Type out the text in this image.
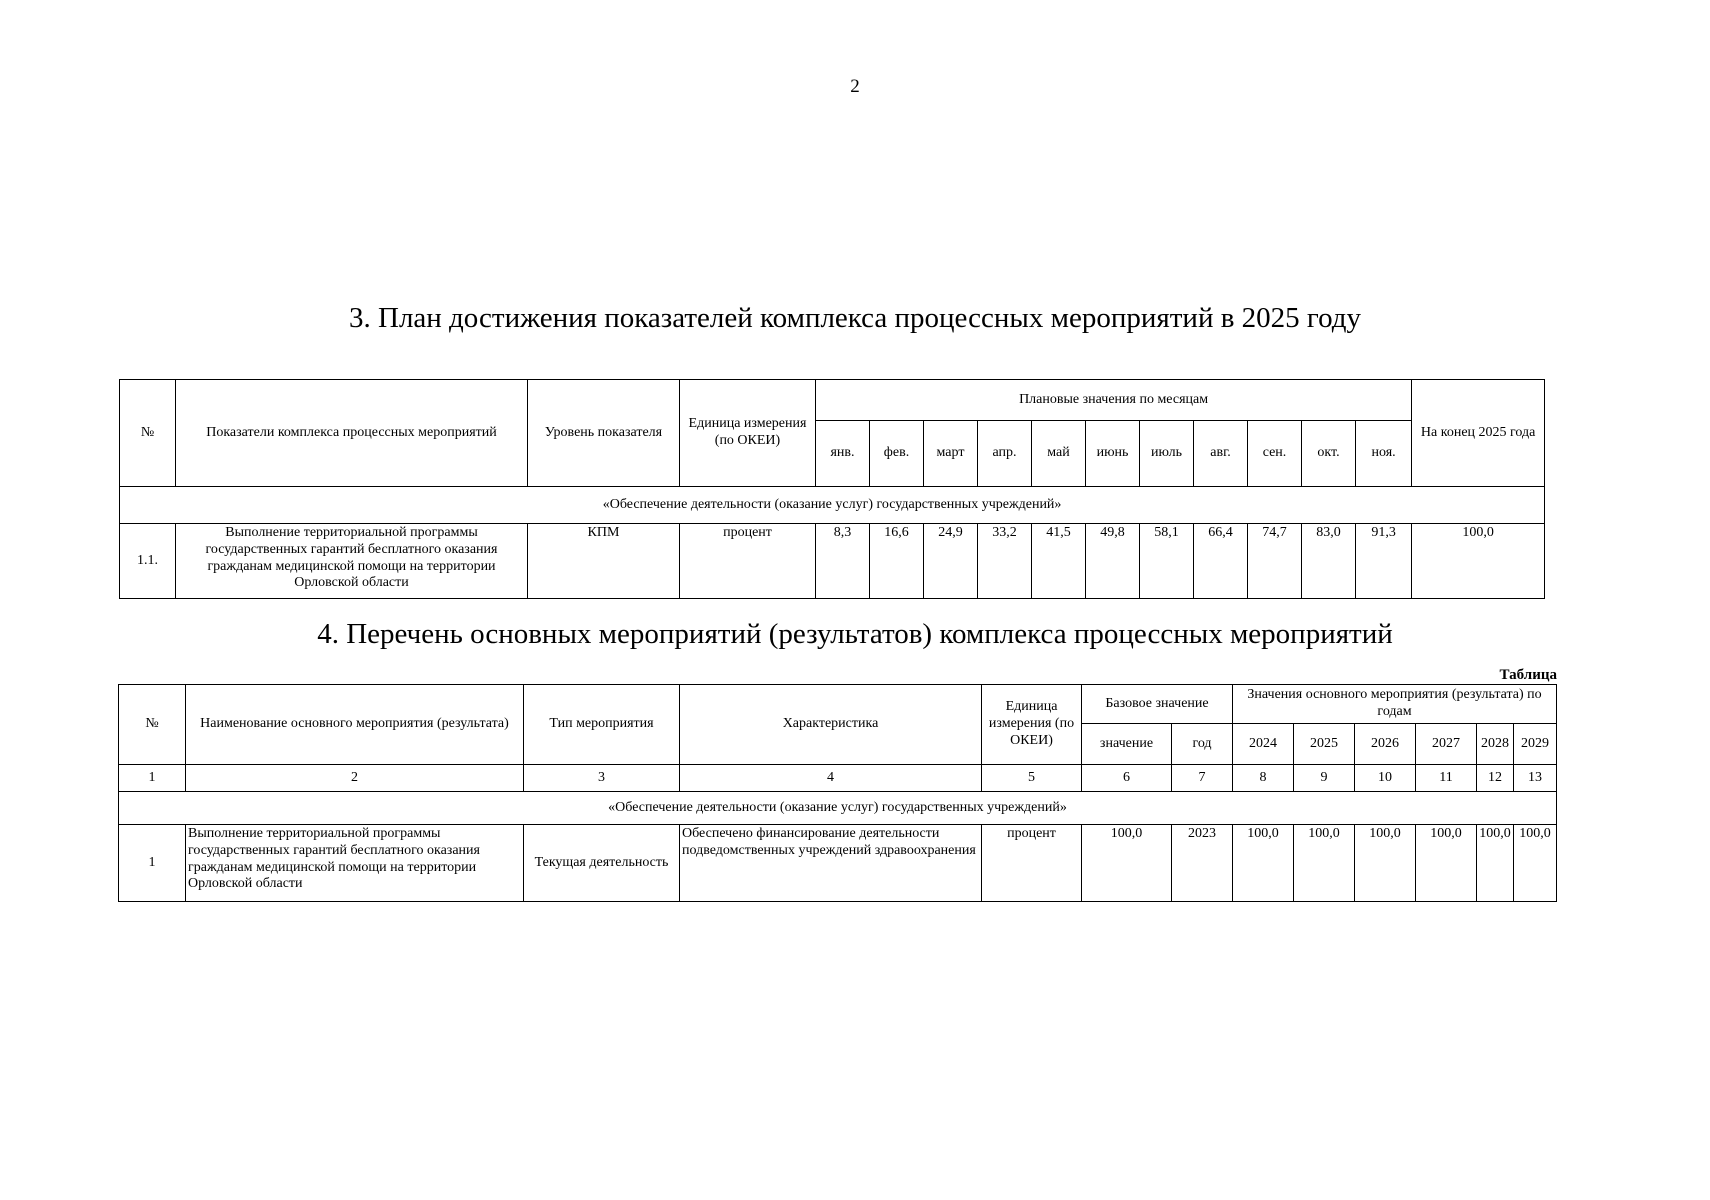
2
3. План достижения показателей комплекса процессных мероприятий в 2025 году
№	Показатели комплекса процессных мероприятий	Уровень показателя	Единица измерения (по ОКЕИ)	Плановые значения по месяцам											На конец 2025 года
				янв.	фев.	март	апр.	май	июнь	июль	авг.	сен.	окт.	ноя.	
«Обеспечение деятельности (оказание услуг) государственных учреждений»															
1.1.	Выполнение территориальной программы государственных гарантий бесплатного оказания гражданам медицинской помощи на территории Орловской области	КПМ	процент	8,3	16,6	24,9	33,2	41,5	49,8	58,1	66,4	74,7	83,0	91,3	100,0
4. Перечень основных мероприятий (результатов) комплекса процессных мероприятий
Таблица
№	Наименование основного мероприятия (результата)	Тип мероприятия	Характеристика	Единица измерения (по ОКЕИ)	Базовое значение		Значения основного мероприятия (результата) по годам					
					значение	год	2024	2025	2026	2027	2028	2029
1	2	3	4	5	6	7	8	9	10	11	12	13
«Обеспечение деятельности (оказание услуг) государственных учреждений»												
1	Выполнение территориальной программы государственных гарантий бесплатного оказания гражданам медицинской помощи на территории Орловской области	Текущая деятельность	Обеспечено финансирование деятельности подведомственных учреждений здравоохранения	процент	100,0	2023	100,0	100,0	100,0	100,0	100,0	100,0
